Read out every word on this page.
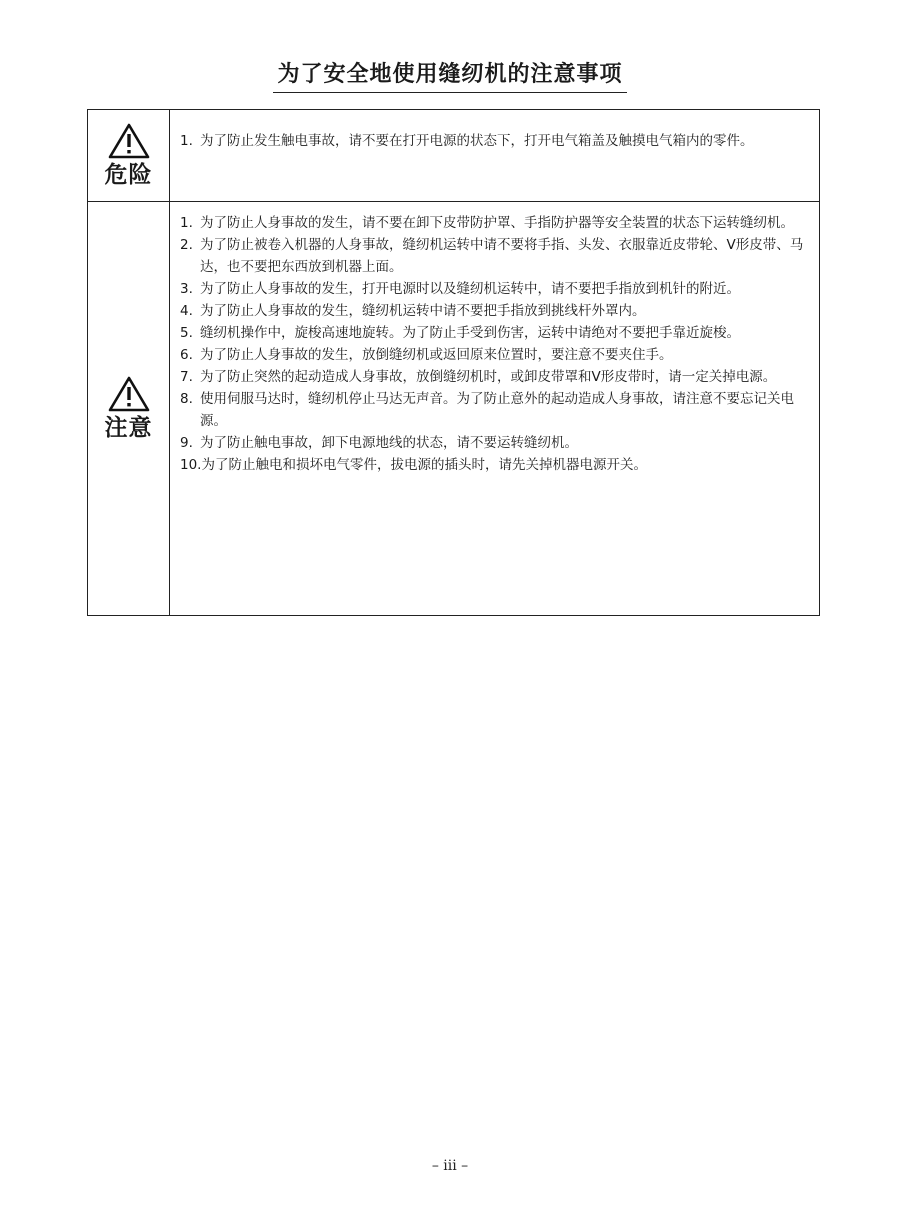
为了安全地使用缝纫机的注意事项
危险
1. 为了防止发生触电事故，请不要在打开电源的状态下，打开电气箱盖及触摸电气箱内的零件。
注意
1. 为了防止人身事故的发生，请不要在卸下皮带防护罩、手指防护器等安全装置的状态下运转缝纫机。
2. 为了防止被卷入机器的人身事故，缝纫机运转中请不要将手指、头发、衣服靠近皮带轮、V形皮带、马达，也不要把东西放到机器上面。
3. 为了防止人身事故的发生，打开电源时以及缝纫机运转中，请不要把手指放到机针的附近。
4. 为了防止人身事故的发生，缝纫机运转中请不要把手指放到挑线杆外罩内。
5. 缝纫机操作中，旋梭高速地旋转。为了防止手受到伤害，运转中请绝对不要把手靠近旋梭。
6. 为了防止人身事故的发生，放倒缝纫机或返回原来位置时，要注意不要夹住手。
7. 为了防止突然的起动造成人身事故，放倒缝纫机时，或卸皮带罩和V形皮带时，请一定关掉电源。
8. 使用伺服马达时，缝纫机停止马达无声音。为了防止意外的起动造成人身事故，请注意不要忘记关电源。
9. 为了防止触电事故，卸下电源地线的状态，请不要运转缝纫机。
10. 为了防止触电和损坏电气零件，拔电源的插头时，请先关掉机器电源开关。
– iii –
